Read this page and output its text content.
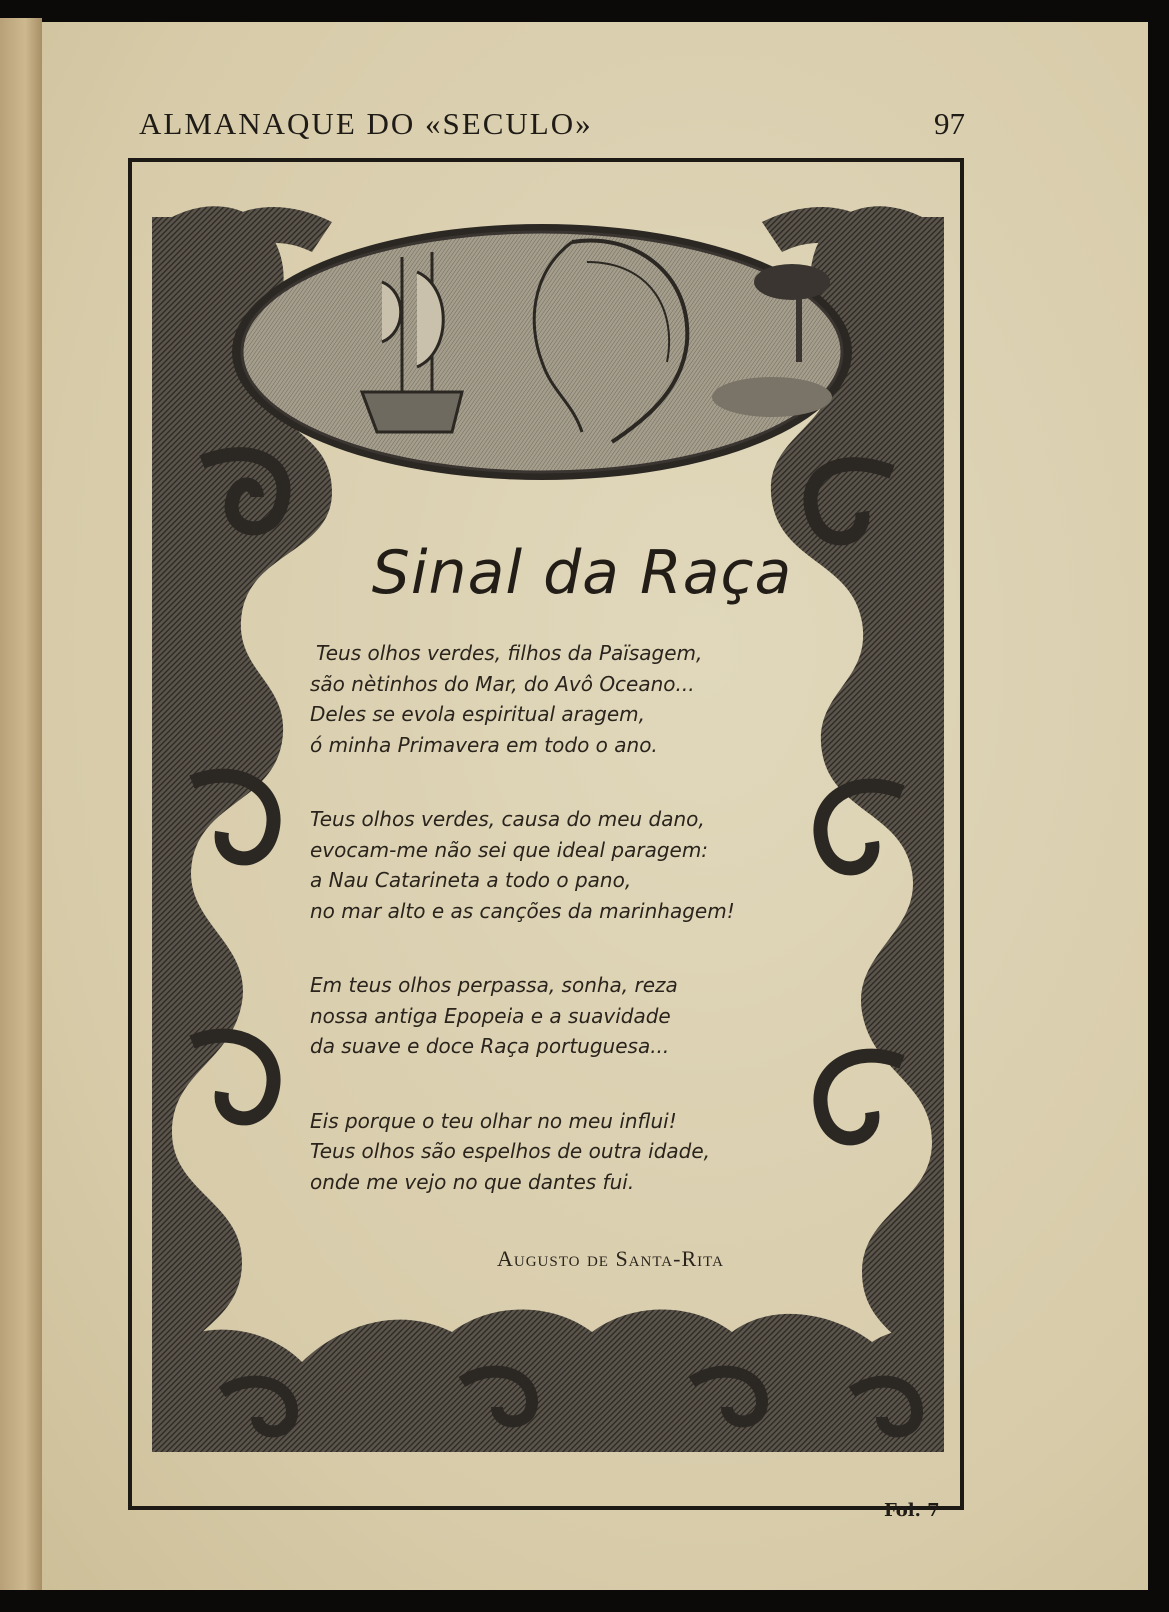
ALMANAQUE DO «SECULO»	97
Sinal da Raça
Teus olhos verdes, filhos da Païsagem,
são nètinhos do Mar, do Avô Oceano...
Deles se evola espiritual aragem,
ó minha Primavera em todo o ano.
Teus olhos verdes, causa do meu dano,
evocam-me não sei que ideal paragem:
a Nau Catarineta a todo o pano,
no mar alto e as canções da marinhagem!
Em teus olhos perpassa, sonha, reza
nossa antiga Epopeia e a suavidade
da suave e doce Raça portuguesa...
Eis porque o teu olhar no meu influi!
Teus olhos são espelhos de outra idade,
onde me vejo no que dantes fui.
Augusto de Santa-Rita
Fol. 7
